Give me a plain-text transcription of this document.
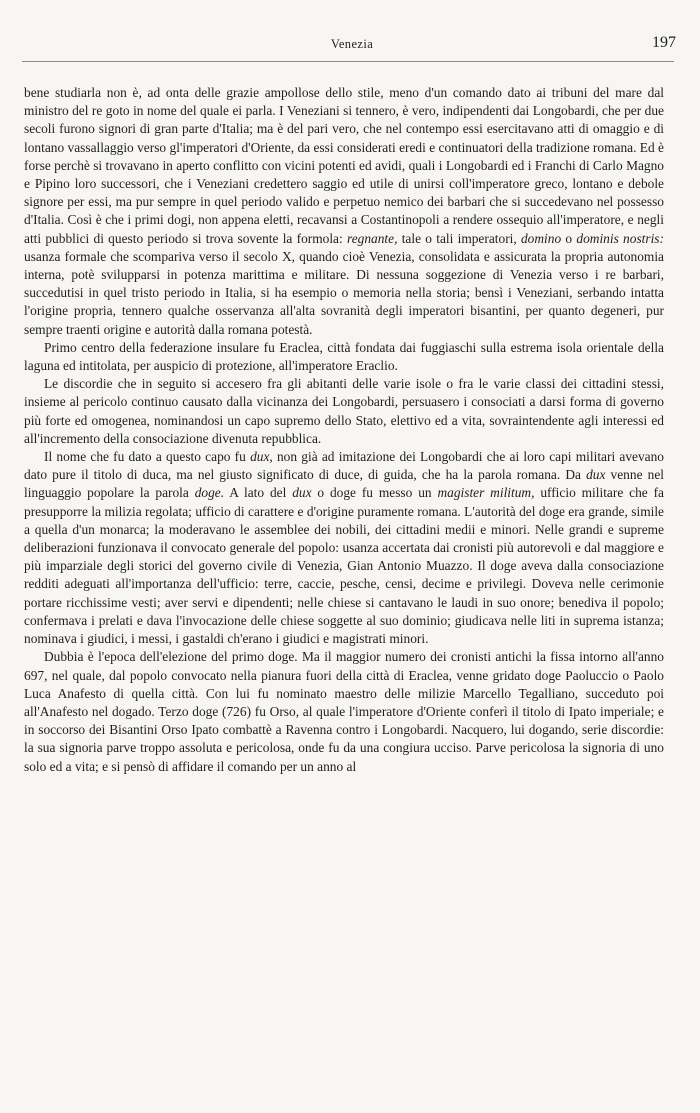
Venezia	197

bene studiarla non è, ad onta delle grazie ampollose dello stile, meno d'un comando dato ai tribuni del mare dal ministro del re goto in nome del quale ei parla. I Veneziani si tennero, è vero, indipendenti dai Longobardi, che per due secoli furono signori di gran parte d'Italia; ma è del pari vero, che nel contempo essi esercitavano atti di omaggio e di lontano vassallaggio verso gl'imperatori d'Oriente, da essi considerati eredi e continuatori della tradizione romana. Ed è forse perchè si trovavano in aperto conflitto con vicini potenti ed avidi, quali i Longobardi ed i Franchi di Carlo Magno e Pipino loro successori, che i Veneziani credettero saggio ed utile di unirsi coll'imperatore greco, lontano e debole signore per essi, ma pur sempre in quel periodo valido e perpetuo nemico dei barbari che si succedevano nel possesso d'Italia. Così è che i primi dogi, non appena eletti, recavansi a Costantinopoli a rendere ossequio all'imperatore, e negli atti pubblici di questo periodo si trova sovente la formola: regnante, tale o tali imperatori, domino o dominis nostris: usanza formale che scompariva verso il secolo X, quando cioè Venezia, consolidata e assicurata la propria autonomia interna, potè svilupparsi in potenza marittima e militare. Di nessuna soggezione di Venezia verso i re barbari, succedutisi in quel tristo periodo in Italia, si ha esempio o memoria nella storia; bensì i Veneziani, serbando intatta l'origine propria, tennero qualche osservanza all'alta sovranità degli imperatori bisantini, per quanto degeneri, pur sempre traenti origine e autorità dalla romana potestà.

Primo centro della federazione insulare fu Eraclea, città fondata dai fuggiaschi sulla estrema isola orientale della laguna ed intitolata, per auspicio di protezione, all'imperatore Eraclio.

Le discordie che in seguito si accesero fra gli abitanti delle varie isole o fra le varie classi dei cittadini stessi, insieme al pericolo continuo causato dalla vicinanza dei Longobardi, persuasero i consociati a darsi forma di governo più forte ed omogenea, nominandosi un capo supremo dello Stato, elettivo ed a vita, sovraintendente agli interessi ed all'incremento della consociazione divenuta repubblica.

Il nome che fu dato a questo capo fu dux, non già ad imitazione dei Longobardi che ai loro capi militari avevano dato pure il titolo di duca, ma nel giusto significato di duce, di guida, che ha la parola romana. Da dux venne nel linguaggio popolare la parola doge. A lato del dux o doge fu messo un magister militum, ufficio militare che fa presupporre la milizia regolata; ufficio di carattere e d'origine puramente romana. L'autorità del doge era grande, simile a quella d'un monarca; la moderavano le assemblee dei nobili, dei cittadini medii e minori. Nelle grandi e supreme deliberazioni funzionava il convocato generale del popolo: usanza accertata dai cronisti più autorevoli e dal maggiore e più imparziale degli storici del governo civile di Venezia, Gian Antonio Muazzo. Il doge aveva dalla consociazione redditi adeguati all'importanza dell'ufficio: terre, caccie, pesche, censi, decime e privilegi. Doveva nelle cerimonie portare ricchissime vesti; aver servi e dipendenti; nelle chiese si cantavano le laudi in suo onore; benediva il popolo; confermava i prelati e dava l'invocazione delle chiese soggette al suo dominio; giudicava nelle liti in suprema istanza; nominava i giudici, i messi, i gastaldi ch'erano i giudici e magistrati minori.

Dubbia è l'epoca dell'elezione del primo doge. Ma il maggior numero dei cronisti antichi la fissa intorno all'anno 697, nel quale, dal popolo convocato nella pianura fuori della città di Eraclea, venne gridato doge Paoluccio o Paolo Luca Anafesto di quella città. Con lui fu nominato maestro delle milizie Marcello Tegalliano, succeduto poi all'Anafesto nel dogado. Terzo doge (726) fu Orso, al quale l'imperatore d'Oriente conferì il titolo di Ipato imperiale; e in soccorso dei Bisantini Orso Ipato combattè a Ravenna contro i Longobardi. Nacquero, lui dogando, serie discordie: la sua signoria parve troppo assoluta e pericolosa, onde fu da una congiura ucciso. Parve pericolosa la signoria di uno solo ed a vita; e si pensò di affidare il comando per un anno al
